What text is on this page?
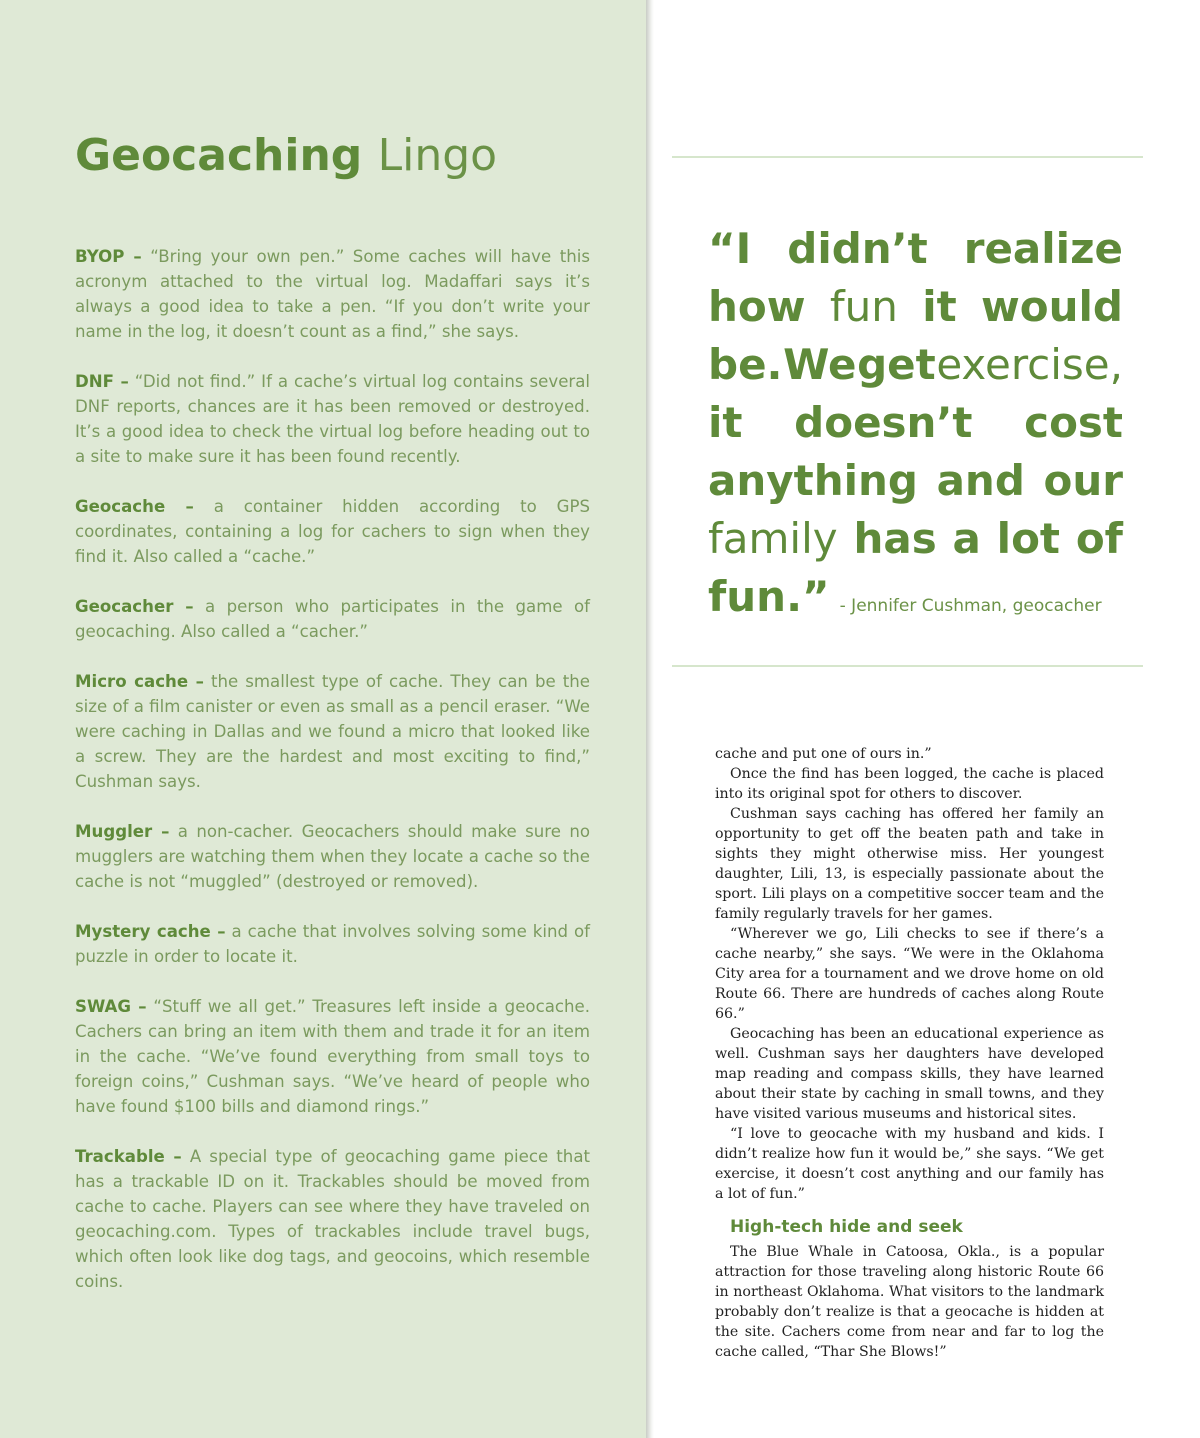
Geocaching Lingo

BYOP – “Bring your own pen.” Some caches will have this acronym attached to the virtual log. Madaffari says it’s always a good idea to take a pen. “If you don’t write your name in the log, it doesn’t count as a find,” she says.

DNF – “Did not find.” If a cache’s virtual log contains several DNF reports, chances are it has been removed or destroyed. It’s a good idea to check the virtual log before heading out to a site to make sure it has been found recently.

Geocache – a container hidden according to GPS coordinates, containing a log for cachers to sign when they find it. Also called a “cache.”

Geocacher – a person who participates in the game of geocaching. Also called a “cacher.”

Micro cache – the smallest type of cache. They can be the size of a film canister or even as small as a pencil eraser. “We were caching in Dallas and we found a micro that looked like a screw. They are the hardest and most exciting to find,” Cushman says.

Muggler – a non-cacher. Geocachers should make sure no mugglers are watching them when they locate a cache so the cache is not “muggled” (destroyed or removed).

Mystery cache – a cache that involves solving some kind of puzzle in order to locate it.

SWAG – “Stuff we all get.” Treasures left inside a geocache. Cachers can bring an item with them and trade it for an item in the cache. “We’ve found everything from small toys to foreign coins,” Cushman says. “We’ve heard of people who have found $100 bills and diamond rings.”

Trackable – A special type of geocaching game piece that has a trackable ID on it. Trackables should be moved from cache to cache. Players can see where they have traveled on geocaching.com. Types of trackables include travel bugs, which often look like dog tags, and geocoins, which resemble coins.

“I didn’t realize
how fun it would
be. We get exercise,
it doesn’t cost
anything and our
family has a lot of
fun.” - Jennifer Cushman, geocacher

cache and put one of ours in.”

Once the find has been logged, the cache is placed into its original spot for others to discover.

Cushman says caching has offered her family an opportunity to get off the beaten path and take in sights they might otherwise miss. Her youngest daughter, Lili, 13, is especially passionate about the sport. Lili plays on a competitive soccer team and the family regularly travels for her games.

“Wherever we go, Lili checks to see if there’s a cache nearby,” she says. “We were in the Oklahoma City area for a tournament and we drove home on old Route 66. There are hundreds of caches along Route 66.”

Geocaching has been an educational experience as well. Cushman says her daughters have developed map reading and compass skills, they have learned about their state by caching in small towns, and they have visited various museums and historical sites.

“I love to geocache with my husband and kids. I didn’t realize how fun it would be,” she says. “We get exercise, it doesn’t cost anything and our family has a lot of fun.”

High-tech hide and seek

The Blue Whale in Catoosa, Okla., is a popular attraction for those traveling along historic Route 66 in northeast Oklahoma. What visitors to the landmark probably don’t realize is that a geocache is hidden at the site. Cachers come from near and far to log the cache called, “Thar She Blows!”
